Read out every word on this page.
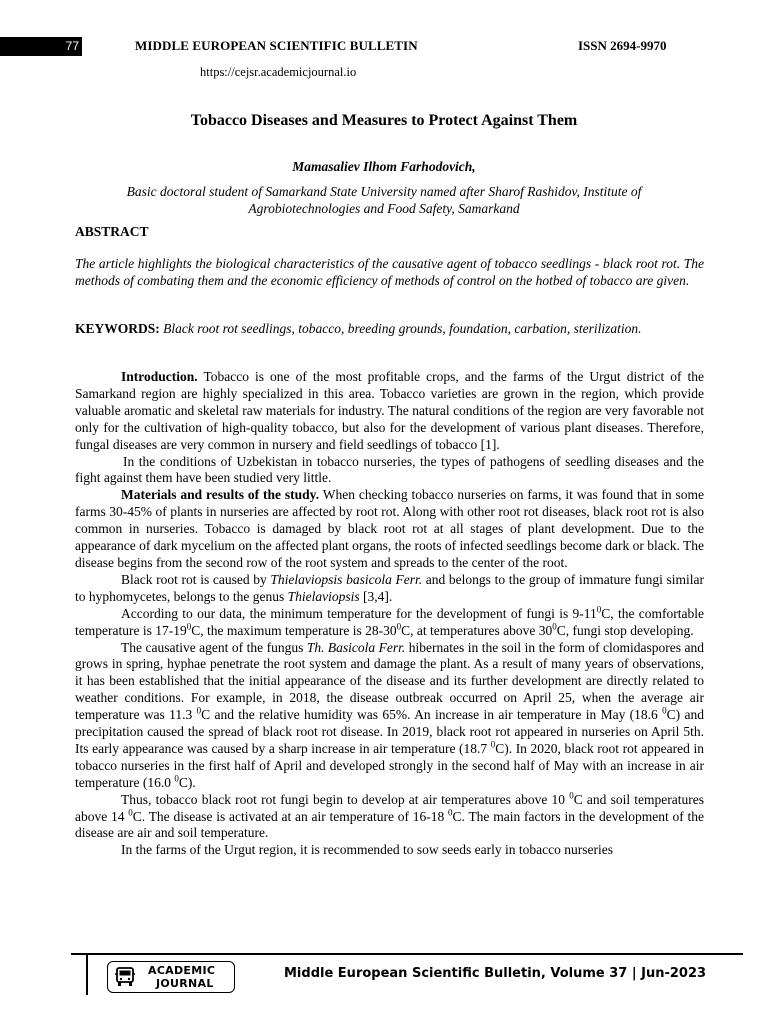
77	MIDDLE EUROPEAN SCIENTIFIC BULLETIN	ISSN 2694-9970
https://cejsr.academicjournal.io
Tobacco Diseases and Measures to Protect Against Them
Mamasaliev Ilhom Farhodovich,
Basic doctoral student of Samarkand State University named after Sharof Rashidov, Institute of Agrobiotechnologies and Food Safety, Samarkand
ABSTRACT
The article highlights the biological characteristics of the causative agent of tobacco seedlings - black root rot. The methods of combating them and the economic efficiency of methods of control on the hotbed of tobacco are given.
KEYWORDS: Black root rot seedlings, tobacco, breeding grounds, foundation, carbation, sterilization.

Introduction. Tobacco is one of the most profitable crops, and the farms of the Urgut district of the Samarkand region are highly specialized in this area. Tobacco varieties are grown in the region, which provide valuable aromatic and skeletal raw materials for industry. The natural conditions of the region are very favorable not only for the cultivation of high-quality tobacco, but also for the development of various plant diseases. Therefore, fungal diseases are very common in nursery and field seedlings of tobacco [1].

In the conditions of Uzbekistan in tobacco nurseries, the types of pathogens of seedling diseases and the fight against them have been studied very little.

Materials and results of the study. When checking tobacco nurseries on farms, it was found that in some farms 30-45% of plants in nurseries are affected by root rot. Along with other root rot diseases, black root rot is also common in nurseries. Tobacco is damaged by black root rot at all stages of plant development. Due to the appearance of dark mycelium on the affected plant organs, the roots of infected seedlings become dark or black. The disease begins from the second row of the root system and spreads to the center of the root.

Black root rot is caused by Thielaviopsis basicola Ferr. and belongs to the group of immature fungi similar to hyphomycetes, belongs to the genus Thielaviopsis [3,4].

According to our data, the minimum temperature for the development of fungi is $9-11^0C$, the comfortable temperature is $17-19^0C$, the maximum temperature is $28-30^0C$, at temperatures above $30^0C$, fungi stop developing.

The causative agent of the fungus Th. Basicola Ferr. hibernates in the soil in the form of clomidaspores and grows in spring, hyphae penetrate the root system and damage the plant. As a result of many years of observations, it has been established that the initial appearance of the disease and its further development are directly related to weather conditions. For example, in 2018, the disease outbreak occurred on April 25, when the average air temperature was 11.3 $^0$C and the relative humidity was 65%. An increase in air temperature in May (18.6 $^0$C) and precipitation caused the spread of black root rot disease. In 2019, black root rot appeared in nurseries on April 5th. Its early appearance was caused by a sharp increase in air temperature (18.7 $^0$C). In 2020, black root rot appeared in tobacco nurseries in the first half of April and developed strongly in the second half of May with an increase in air temperature (16.0 $^0$C).

Thus, tobacco black root rot fungi begin to develop at air temperatures above 10 $^0$C and soil temperatures above 14 $^0$C. The disease is activated at an air temperature of 16-18 $^0$C. The main factors in the development of the disease are air and soil temperature.

In the farms of the Urgut region, it is recommended to sow seeds early in tobacco nurseries

ACADEMIC
JOURNAL
Middle European Scientific Bulletin, Volume 37 | Jun-2023
